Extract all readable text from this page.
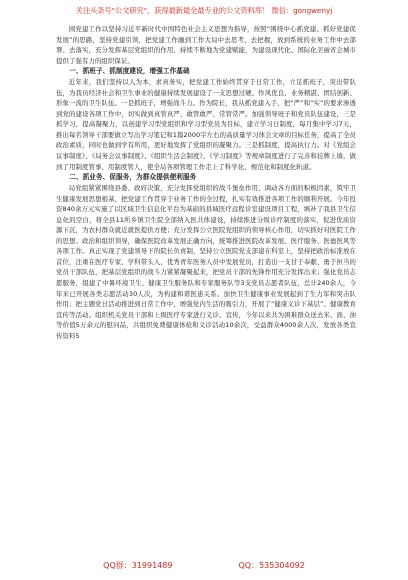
关注头条号"公文研究"，获得最新最全最专业的公文资料库！ 微信：gongwenyj

园党建工作以坚持习近平新时代中国特色社会主义思想为指导，按照“围绕中心抓党建、抓好党建促发展”的思路，坚持党建引领，把党建工作融到工作大局中去思考、去把握，放到系统的业务工作中去部署、去落实，充分发挥基层党组织的作用，持续不断地为党建赋能，为建设现代化、国际化美丽省会城市提供了强有力的组织保证。

一、抓班子、抓制度建设，增强工作基础

近年来，我们坚持以人为本，求真务实，把党建工作始终贯穿于日常工作，立足抓班子，突出带队伍，为我员经济社会和卫生事业的健康持续发展建设了一支思想过硬、作风优良、业务精湛、团结创新、形象一流的卫生队伍。一是抓班子，增强战斗力。作为院长，我从抓党建入手，把“严”和“实”的要求渗透到党的建设各项工作中，切实做到真管真严、敢管敢严、常管常严。加强领导班子和党员队伍建设，三是抓学习，提高凝聚力，以创建学习型党组织和学习型党员为目标，建立学习日制度，每月集中学习7天，推出每名领导干部要做立写出学习笔记和1篇2000字左右的高质量学习体会文章的目标任务，提高了全员政治素质，同时也做到学有所用，更好地发挥了党组织的凝聚力。三是抓制度，提高执行力。对《党组会议事制度》、《局务会议事制度》、《组织生活会制度》、《学习制度》等规章制度进行了完善和挂牌上墙，做到了用制度管事、用制度管人，使全局各项管理工作走上了科学化、规范化和制度化轨道。

二、抓业务、促服务，为群众提供便利服务

局党组紧紧围绕县委、政府决策，充分发挥党组织的战斗堡垒作用，调动各方面的积极因素，筑牢卫生健康发展思想根基，把党建工作贯穿于业务工作的全过程，扎实有效推进各项工作的顺利开展。今年投资840余万元实施了以区域卫生信息化平台为基础的县域医疗远程诊室建设项目工程，填补了我县卫生信息化的空白，将全县11所乡镇卫生院全部纳入医共体建设，持续推进分级诊疗制度的落实，促进优质资源下沉，为农村群众就近就医提供方便；充分发挥公立医院党组织的领导核心作用，切实抓好对医院工作的思想、政治和组织领导，确保医院改革发展正确方向，统筹推进医院改革发展、医疗服务、医德医风等各项工作。真正实现了党建领导下的院长负责制，坚持公立医院党支部建在科室上，坚持把政治标准放在首位，注重在医疗专家、学科带头人、优秀青年医务人员中发展党员，打造出一支甘于奉献、勇于担当的党员干部队伍，把基层党组织的战斗力紧紧凝聚起来，把党员干部的先锋作用充分发挥出来；强化党员志愿服务，组建了中暑环境卫生、健康卫生服务队和专家服务队等3支党员志愿者队伍，总计240余人，今年来已开展各类志愿活动30人次，为构建和谐医患关系。加快卫生健康事业发展起到了生力军和突击队作用；把主题党日活动推进到日常工作中，增强党内生活的吸引力，开展了“健康义诊下基层”、健康教育宣传等活动。组织机关党员干部和上级医疗专家进行义诊、宣传，今年以来共为困难群众送去米、面、油等价值5万余元的慰问品，共组织免费健康体检和义诊活动10余次，受益群众4000余人次，发放各类宣传资料5

QQ群：31991489	QQ：535304092
